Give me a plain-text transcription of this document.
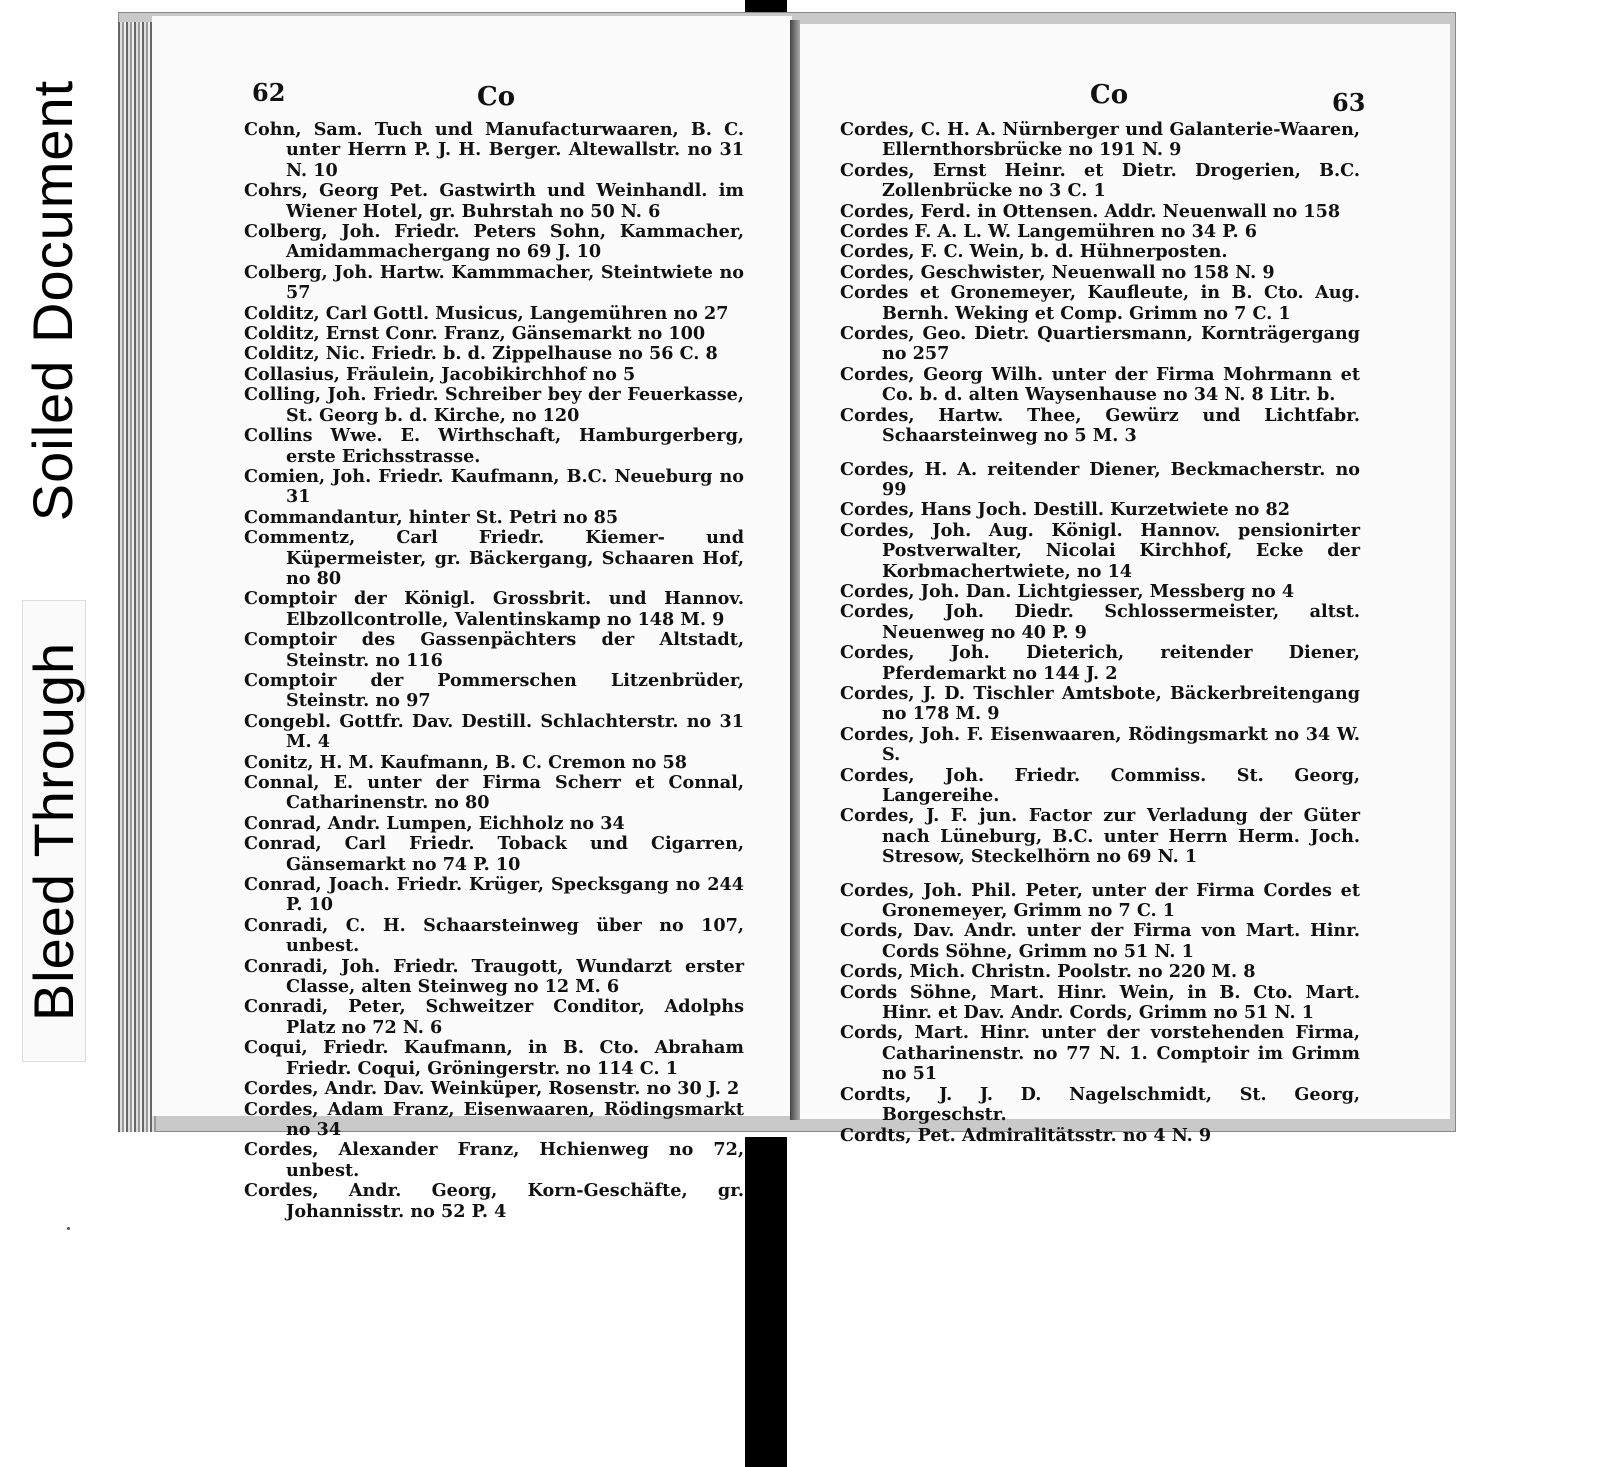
Soiled Document
Bleed Through
62	Co
Cohn, Sam. Tuch und Manufacturwaaren, B. C. unter Herrn P. J. H. Berger. Altewallstr. no 31 N. 10
Cohrs, Georg Pet. Gastwirth und Weinhandl. im Wiener Hotel, gr. Buhrstah no 50 N. 6
Colberg, Joh. Friedr. Peters Sohn, Kammacher, Amidammachergang no 69 J. 10
Colberg, Joh. Hartw. Kammmacher, Steintwiete no 57
Colditz, Carl Gottl. Musicus, Langemühren no 27
Colditz, Ernst Conr. Franz, Gänsemarkt no 100
Colditz, Nic. Friedr. b. d. Zippelhause no 56 C. 8
Collasius, Fräulein, Jacobikirchhof no 5
Colling, Joh. Friedr. Schreiber bey der Feuerkasse, St. Georg b. d. Kirche, no 120
Collins Wwe. E. Wirthschaft, Hamburgerberg, erste Erichsstrasse.
Comien, Joh. Friedr. Kaufmann, B.C. Neueburg no 31
Commandantur, hinter St. Petri no 85
Commentz, Carl Friedr. Kiemer- und Küpermeister, gr. Bäckergang, Schaaren Hof, no 80
Comptoir der Königl. Grossbrit. und Hannov. Elbzollcontrolle, Valentinskamp no 148 M. 9
Comptoir des Gassenpächters der Altstadt, Steinstr. no 116
Comptoir der Pommerschen Litzenbrüder, Steinstr. no 97
Congebl. Gottfr. Dav. Destill. Schlachterstr. no 31 M. 4
Conitz, H. M. Kaufmann, B. C. Cremon no 58
Connal, E. unter der Firma Scherr et Connal, Catharinenstr. no 80
Conrad, Andr. Lumpen, Eichholz no 34
Conrad, Carl Friedr. Toback und Cigarren, Gänsemarkt no 74 P. 10
Conrad, Joach. Friedr. Krüger, Specksgang no 244 P. 10
Conradi, C. H. Schaarsteinweg über no 107, unbest.
Conradi, Joh. Friedr. Traugott, Wundarzt erster Classe, alten Steinweg no 12 M. 6
Conradi, Peter, Schweitzer Conditor, Adolphs Platz no 72 N. 6
Coqui, Friedr. Kaufmann, in B. Cto. Abraham Friedr. Coqui, Gröningerstr. no 114 C. 1
Cordes, Andr. Dav. Weinküper, Rosenstr. no 30 J. 2
Cordes, Adam Franz, Eisenwaaren, Rödingsmarkt no 34
Cordes, Alexander Franz, Hchienweg no 72, unbest.
Cordes, Andr. Georg, Korn-Geschäfte, gr. Johannisstr. no 52 P. 4
Co	63
Cordes, C. H. A. Nürnberger und Galanterie-Waaren, Ellernthorsbrücke no 191 N. 9
Cordes, Ernst Heinr. et Dietr. Drogerien, B.C. Zollenbrücke no 3 C. 1
Cordes, Ferd. in Ottensen. Addr. Neuenwall no 158
Cordes F. A. L. W. Langemühren no 34 P. 6
Cordes, F. C. Wein, b. d. Hühnerposten.
Cordes, Geschwister, Neuenwall no 158 N. 9
Cordes et Gronemeyer, Kaufleute, in B. Cto. Aug. Bernh. Weking et Comp. Grimm no 7 C. 1
Cordes, Geo. Dietr. Quartiersmann, Kornträgergang no 257
Cordes, Georg Wilh. unter der Firma Mohrmann et Co. b. d. alten Waysenhause no 34 N. 8 Litr. b.
Cordes, Hartw. Thee, Gewürz und Lichtfabr. Schaarsteinweg no 5 M. 3
Cordes, H. A. reitender Diener, Beckmacherstr. no 99
Cordes, Hans Joch. Destill. Kurzetwiete no 82
Cordes, Joh. Aug. Königl. Hannov. pensionirter Postverwalter, Nicolai Kirchhof, Ecke der Korbmachertwiete, no 14
Cordes, Joh. Dan. Lichtgiesser, Messberg no 4
Cordes, Joh. Diedr. Schlossermeister, altst. Neuenweg no 40 P. 9
Cordes, Joh. Dieterich, reitender Diener, Pferdemarkt no 144 J. 2
Cordes, J. D. Tischler Amtsbote, Bäckerbreitengang no 178 M. 9
Cordes, Joh. F. Eisenwaaren, Rödingsmarkt no 34 W. S.
Cordes, Joh. Friedr. Commiss. St. Georg, Langereihe.
Cordes, J. F. jun. Factor zur Verladung der Güter nach Lüneburg, B.C. unter Herrn Herm. Joch. Stresow, Steckelhörn no 69 N. 1
Cordes, Joh. Phil. Peter, unter der Firma Cordes et Gronemeyer, Grimm no 7 C. 1
Cords, Dav. Andr. unter der Firma von Mart. Hinr. Cords Söhne, Grimm no 51 N. 1
Cords, Mich. Christn. Poolstr. no 220 M. 8
Cords Söhne, Mart. Hinr. Wein, in B. Cto. Mart. Hinr. et Dav. Andr. Cords, Grimm no 51 N. 1
Cords, Mart. Hinr. unter der vorstehenden Firma, Catharinenstr. no 77 N. 1. Comptoir im Grimm no 51
Cordts, J. J. D. Nagelschmidt, St. Georg, Borgeschstr.
Cordts, Pet. Admiralitätsstr. no 4 N. 9
